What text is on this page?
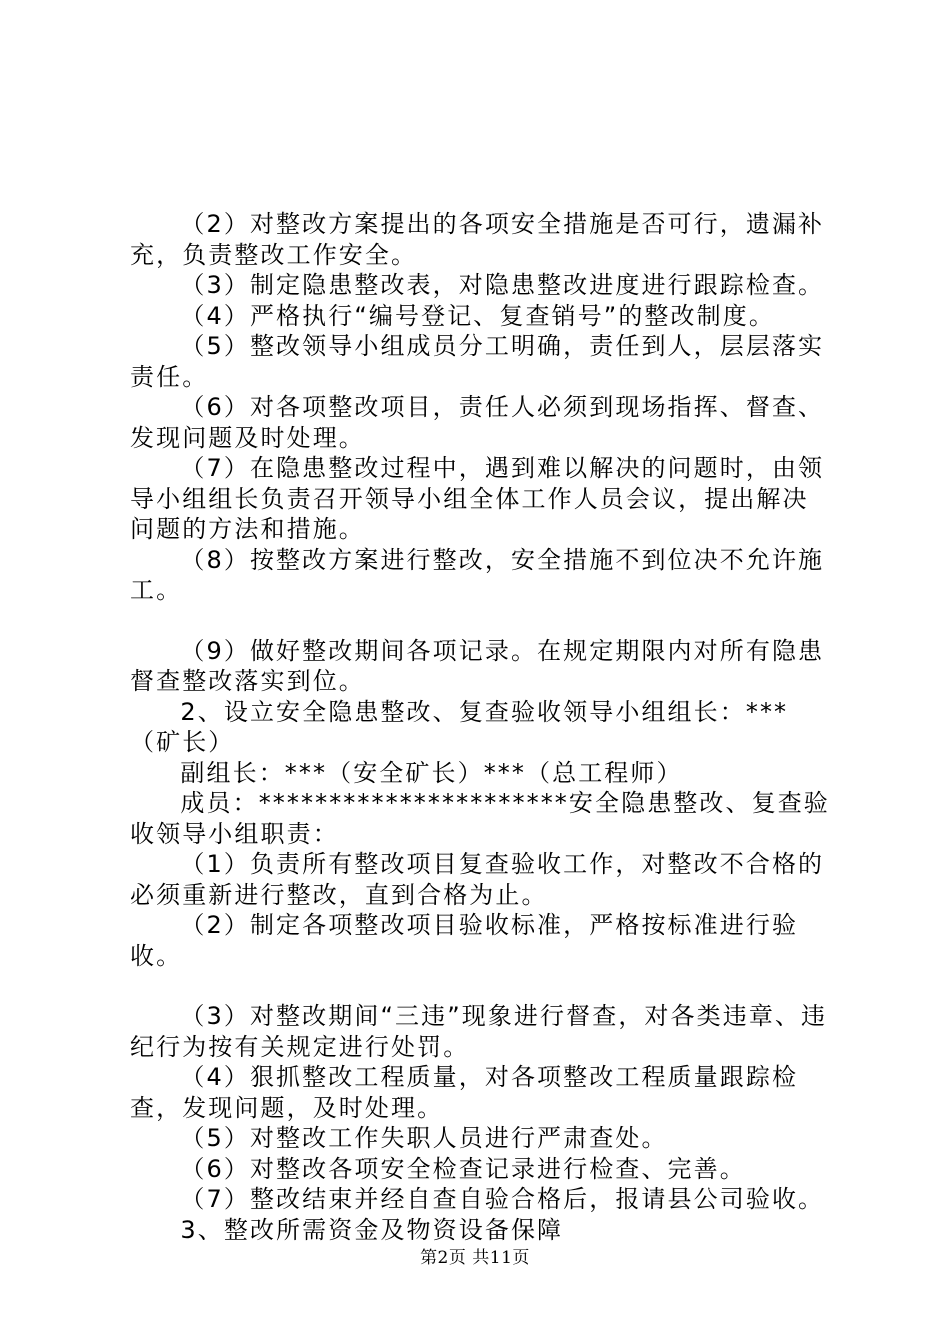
（2）对整改方案提出的各项安全措施是否可行，遗漏补充，负责整改工作安全。

（3）制定隐患整改表，对隐患整改进度进行跟踪检查。

（4）严格执行“编号登记、复查销号”的整改制度。

（5）整改领导小组成员分工明确，责任到人，层层落实责任。

（6）对各项整改项目，责任人必须到现场指挥、督查、发现问题及时处理。

（7）在隐患整改过程中，遇到难以解决的问题时，由领导小组组长负责召开领导小组全体工作人员会议，提出解决问题的方法和措施。

（8）按整改方案进行整改，安全措施不到位决不允许施工。

（9）做好整改期间各项记录。在规定期限内对所有隐患督查整改落实到位。

2、设立安全隐患整改、复查验收领导小组组长：***（矿长）

副组长：***（安全矿长）***（总工程师）

成员：**********************安全隐患整改、复查验收领导小组职责：

（1）负责所有整改项目复查验收工作，对整改不合格的必须重新进行整改，直到合格为止。

（2）制定各项整改项目验收标准，严格按标准进行验收。

（3）对整改期间“三违”现象进行督查，对各类违章、违纪行为按有关规定进行处罚。

（4）狠抓整改工程质量，对各项整改工程质量跟踪检查，发现问题，及时处理。

（5）对整改工作失职人员进行严肃查处。

（6）对整改各项安全检查记录进行检查、完善。

（7）整改结束并经自查自验合格后，报请县公司验收。

3、整改所需资金及物资设备保障

第2页 共11页
